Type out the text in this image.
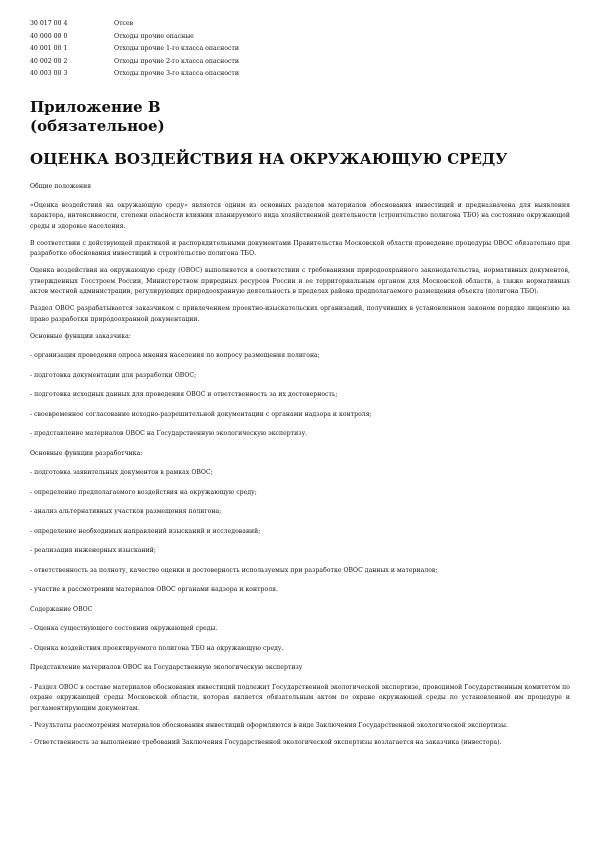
30 017 00 4	Отсев
40 000 00 0	Отходы прочие опасные
40 001 00 1	Отходы прочие 1-го класса опасности
40 002 00 2	Отходы прочие 2-го класса опасности
40 003 00 3	Отходы прочие 3-го класса опасности
Приложение В
(обязательное)
ОЦЕНКА ВОЗДЕЙСТВИЯ НА ОКРУЖАЮЩУЮ СРЕДУ

Общие положения

«Оценка воздействия на окружающую среду» является одним из основных разделов материалов обоснования инвестиций и предназначена для выявления характера, интенсивности, степени опасности влияния планируемого вида хозяйственной деятельности (строительство полигона ТБО) на состояние окружающей среды и здоровье населения.

В соответствии с действующей практикой и распорядительными документами Правительства Московской области проведение процедуры ОВОС обязательно при разработке обоснования инвестиций в строительство полигона ТБО.

Оценка воздействия на окружающую среду (ОВОС) выполняется в соответствии с требованиями природоохранного законодательства, нормативных документов, утвержденных Госстроем России, Министерством природных ресурсов России и ее территориальным органом для Московской области, а также нормативных актов местной администрации, регулирующих природоохранную деятельность в пределах района предполагаемого размещения объекта (полигона ТБО).

Раздел ОВОС разрабатывается заказчиком с привлечением проектно-изыскательских организаций, получивших в установленном законом порядке лицензию на право разработки природоохранной документации.

Основные функции заказчика:

- организация проведения опроса мнения населения по вопросу размещения полигона;

- подготовка документации для разработки ОВОС;

- подготовка исходных данных для проведения ОВОС и ответственность за их достоверность;

- своевременное согласование исходно-разрешительной документации с органами надзора и контроля;

- представление материалов ОВОС на Государственную экологическую экспертизу.

Основные функции разработчика:

- подготовка заявительных документов в рамках ОВОС;

- определение предполагаемого воздействия на окружающую среду;

- анализ альтернативных участков размещения полигона;

- определение необходимых направлений изысканий и исследований;

- реализация инженерных изысканий;

- ответственность за полноту, качество оценки и достоверность используемых при разработке ОВОС данных и материалов;

- участие в рассмотрении материалов ОВОС органами надзора и контроля.

Содержание ОВОС

- Оценка существующего состояния окружающей среды.

- Оценка воздействия проектируемого полигона ТБО на окружающую среду.

Представление материалов ОВОС на Государственную экологическую экспертизу

- Раздел ОВОС в составе материалов обоснования инвестиций подлежит Государственной экологической экспертизе, проводимой Государственным комитетом по охране окружающей среды Московской области, которая является обязательным актом по охране окружающей среды по установленной им процедуре и регламентирующим документам.

- Результаты рассмотрения материалов обоснования инвестиций оформляются в виде Заключения Государственной экологической экспертизы.

- Ответственность за выполнение требований Заключения Государственной экологической экспертизы возлагается на заказчика (инвестора).
